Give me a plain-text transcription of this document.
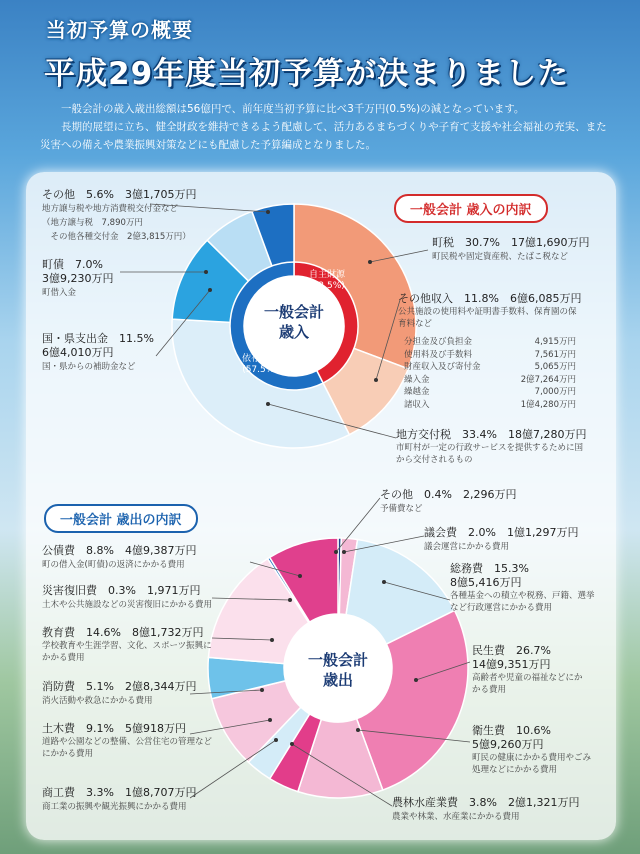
当初予算の概要
平成29年度当初予算が決まりました

一般会計の歳入歳出総額は56億円で、前年度当初予算に比べ3千万円(0.5%)の減となっています。

長期的展望に立ち、健全財政を維持できるよう配慮して、活力あるまちづくりや子育て支援や社会福祉の充実、また災害への備えや農業振興対策などにも配慮した予算編成となりました。

一般会計 歳入の内訳
一般会計 歳出の内訳
一般会計
歳入
一般会計
歳出
自主財源
(42.5%)
依存財源
(57.5%)
その他　 5.6%　 3億1,705万円
地方譲与税や地方消費税交付金など
（地方譲与税　 7,890万円
　その他各種交付金　 2億3,815万円）
町債　 7.0%
3億9,230万円
町借入金
国・県支出金　 11.5%
6億4,010万円
国・県からの補助金など
町税　 30.7%　 17億1,690万円
町民税や固定資産税、たばこ税など
その他収入　 11.8%　 6億6,085万円
公共施設の使用料や証明書手数料、保育園の保育料など
分担金及び負担金	4,915万円
使用料及び手数料	7,561万円
財産収入及び寄付金	5,065万円
繰入金	2億7,264万円
繰越金	7,000万円
諸収入	1億4,280万円
地方交付税　 33.4%　 18億7,280万円
市町村が一定の行政サービスを提供するために国から交付されるもの
その他　 0.4%　 2,296万円
予備費など
議会費　 2.0%　 1億1,297万円
議会運営にかかる費用
総務費　 15.3%
8億5,416万円
各種基金への積立や税務、戸籍、選挙など行政運営にかかる費用
民生費　 26.7%
14億9,351万円
高齢者や児童の福祉などにかかる費用
衛生費　 10.6%
5億9,260万円
町民の健康にかかる費用やごみ処理などにかかる費用
農林水産業費　 3.8%　 2億1,321万円
農業や林業、水産業にかかる費用
公債費　 8.8%　 4億9,387万円
町の借入金(町債)の返済にかかる費用
災害復旧費　 0.3%　 1,971万円
土木や公共施設などの災害復旧にかかる費用
教育費　 14.6%　 8億1,732万円
学校教育や生涯学習、文化、スポーツ振興にかかる費用
消防費　 5.1%　 2億8,344万円
消火活動や救急にかかる費用
土木費　 9.1%　 5億918万円
道路や公園などの整備、公営住宅の管理などにかかる費用
商工費　 3.3%　 1億8,707万円
商工業の振興や観光振興にかかる費用
